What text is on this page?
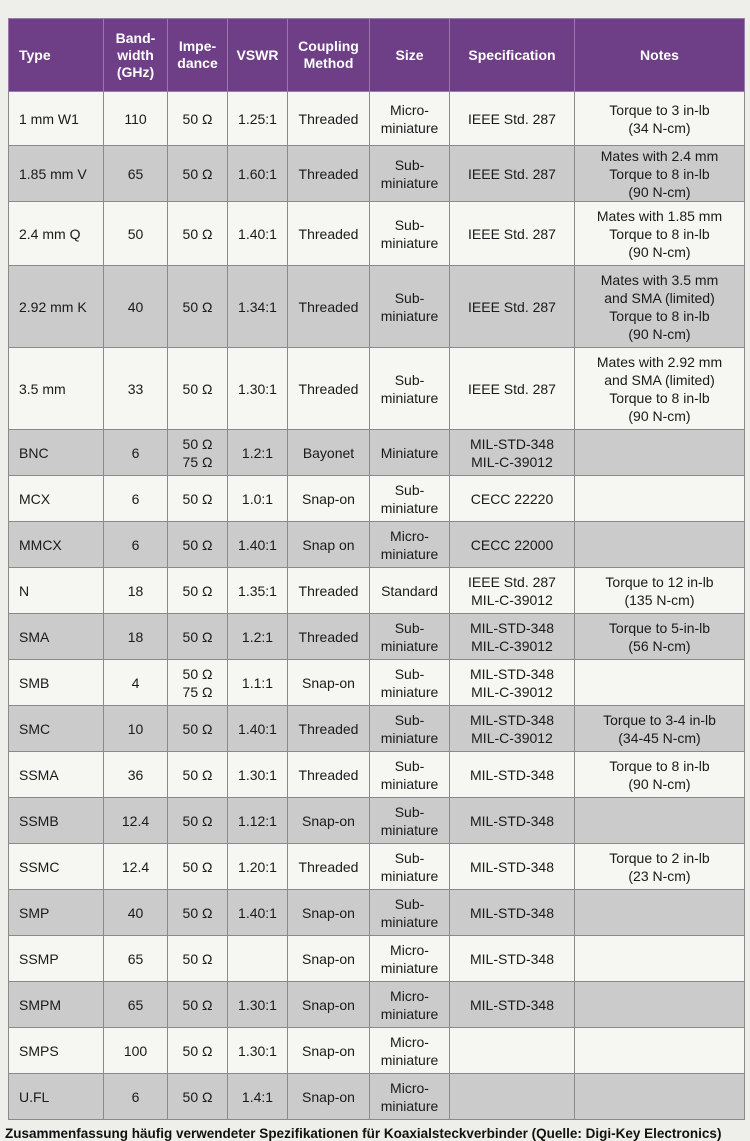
Type	Band-
width
(GHz)	Impe-
dance	VSWR	Coupling
Method	Size	Specification	Notes

1 mm W1	110	50 Ω	1.25:1	Threaded	Micro-
miniature	IEEE Std. 287	Torque to 3 in-lb
(34 N-cm)

1.85 mm V	65	50 Ω	1.60:1	Threaded	Sub-
miniature	IEEE Std. 287	Mates with 2.4 mm
Torque to 8 in-lb
(90 N-cm)

2.4 mm Q	50	50 Ω	1.40:1	Threaded	Sub-
miniature	IEEE Std. 287	Mates with 1.85 mm
Torque to 8 in-lb
(90 N-cm)

2.92 mm K	40	50 Ω	1.34:1	Threaded	Sub-
miniature	IEEE Std. 287	Mates with 3.5 mm
and SMA (limited)
Torque to 8 in-lb
(90 N-cm)

3.5 mm	33	50 Ω	1.30:1	Threaded	Sub-
miniature	IEEE Std. 287	Mates with 2.92 mm
and SMA (limited)
Torque to 8 in-lb
(90 N-cm)

BNC	6	50 Ω
75 Ω	1.2:1	Bayonet	Miniature	MIL-STD-348
MIL-C-39012	

MCX	6	50 Ω	1.0:1	Snap-on	Sub-
miniature	CECC 22220	

MMCX	6	50 Ω	1.40:1	Snap on	Micro-
miniature	CECC 22000	

N	18	50 Ω	1.35:1	Threaded	Standard	IEEE Std. 287
MIL-C-39012	Torque to 12 in-lb
(135 N-cm)

SMA	18	50 Ω	1.2:1	Threaded	Sub-
miniature	MIL-STD-348
MIL-C-39012	Torque to 5-in-lb
(56 N-cm)

SMB	4	50 Ω
75 Ω	1.1:1	Snap-on	Sub-
miniature	MIL-STD-348
MIL-C-39012	

SMC	10	50 Ω	1.40:1	Threaded	Sub-
miniature	MIL-STD-348
MIL-C-39012	Torque to 3-4 in-lb
(34-45 N-cm)

SSMA	36	50 Ω	1.30:1	Threaded	Sub-
miniature	MIL-STD-348	Torque to 8 in-lb
(90 N-cm)

SSMB	12.4	50 Ω	1.12:1	Snap-on	Sub-
miniature	MIL-STD-348	

SSMC	12.4	50 Ω	1.20:1	Threaded	Sub-
miniature	MIL-STD-348	Torque to 2 in-lb
(23 N-cm)

SMP	40	50 Ω	1.40:1	Snap-on	Sub-
miniature	MIL-STD-348	

SSMP	65	50 Ω		Snap-on	Micro-
miniature	MIL-STD-348	

SMPM	65	50 Ω	1.30:1	Snap-on	Micro-
miniature	MIL-STD-348	

SMPS	100	50 Ω	1.30:1	Snap-on	Micro-
miniature		

U.FL	6	50 Ω	1.4:1	Snap-on	Micro-
miniature		

Zusammenfassung häufig verwendeter Spezifikationen für Koaxialsteckverbinder (Quelle: Digi-Key Electronics)
